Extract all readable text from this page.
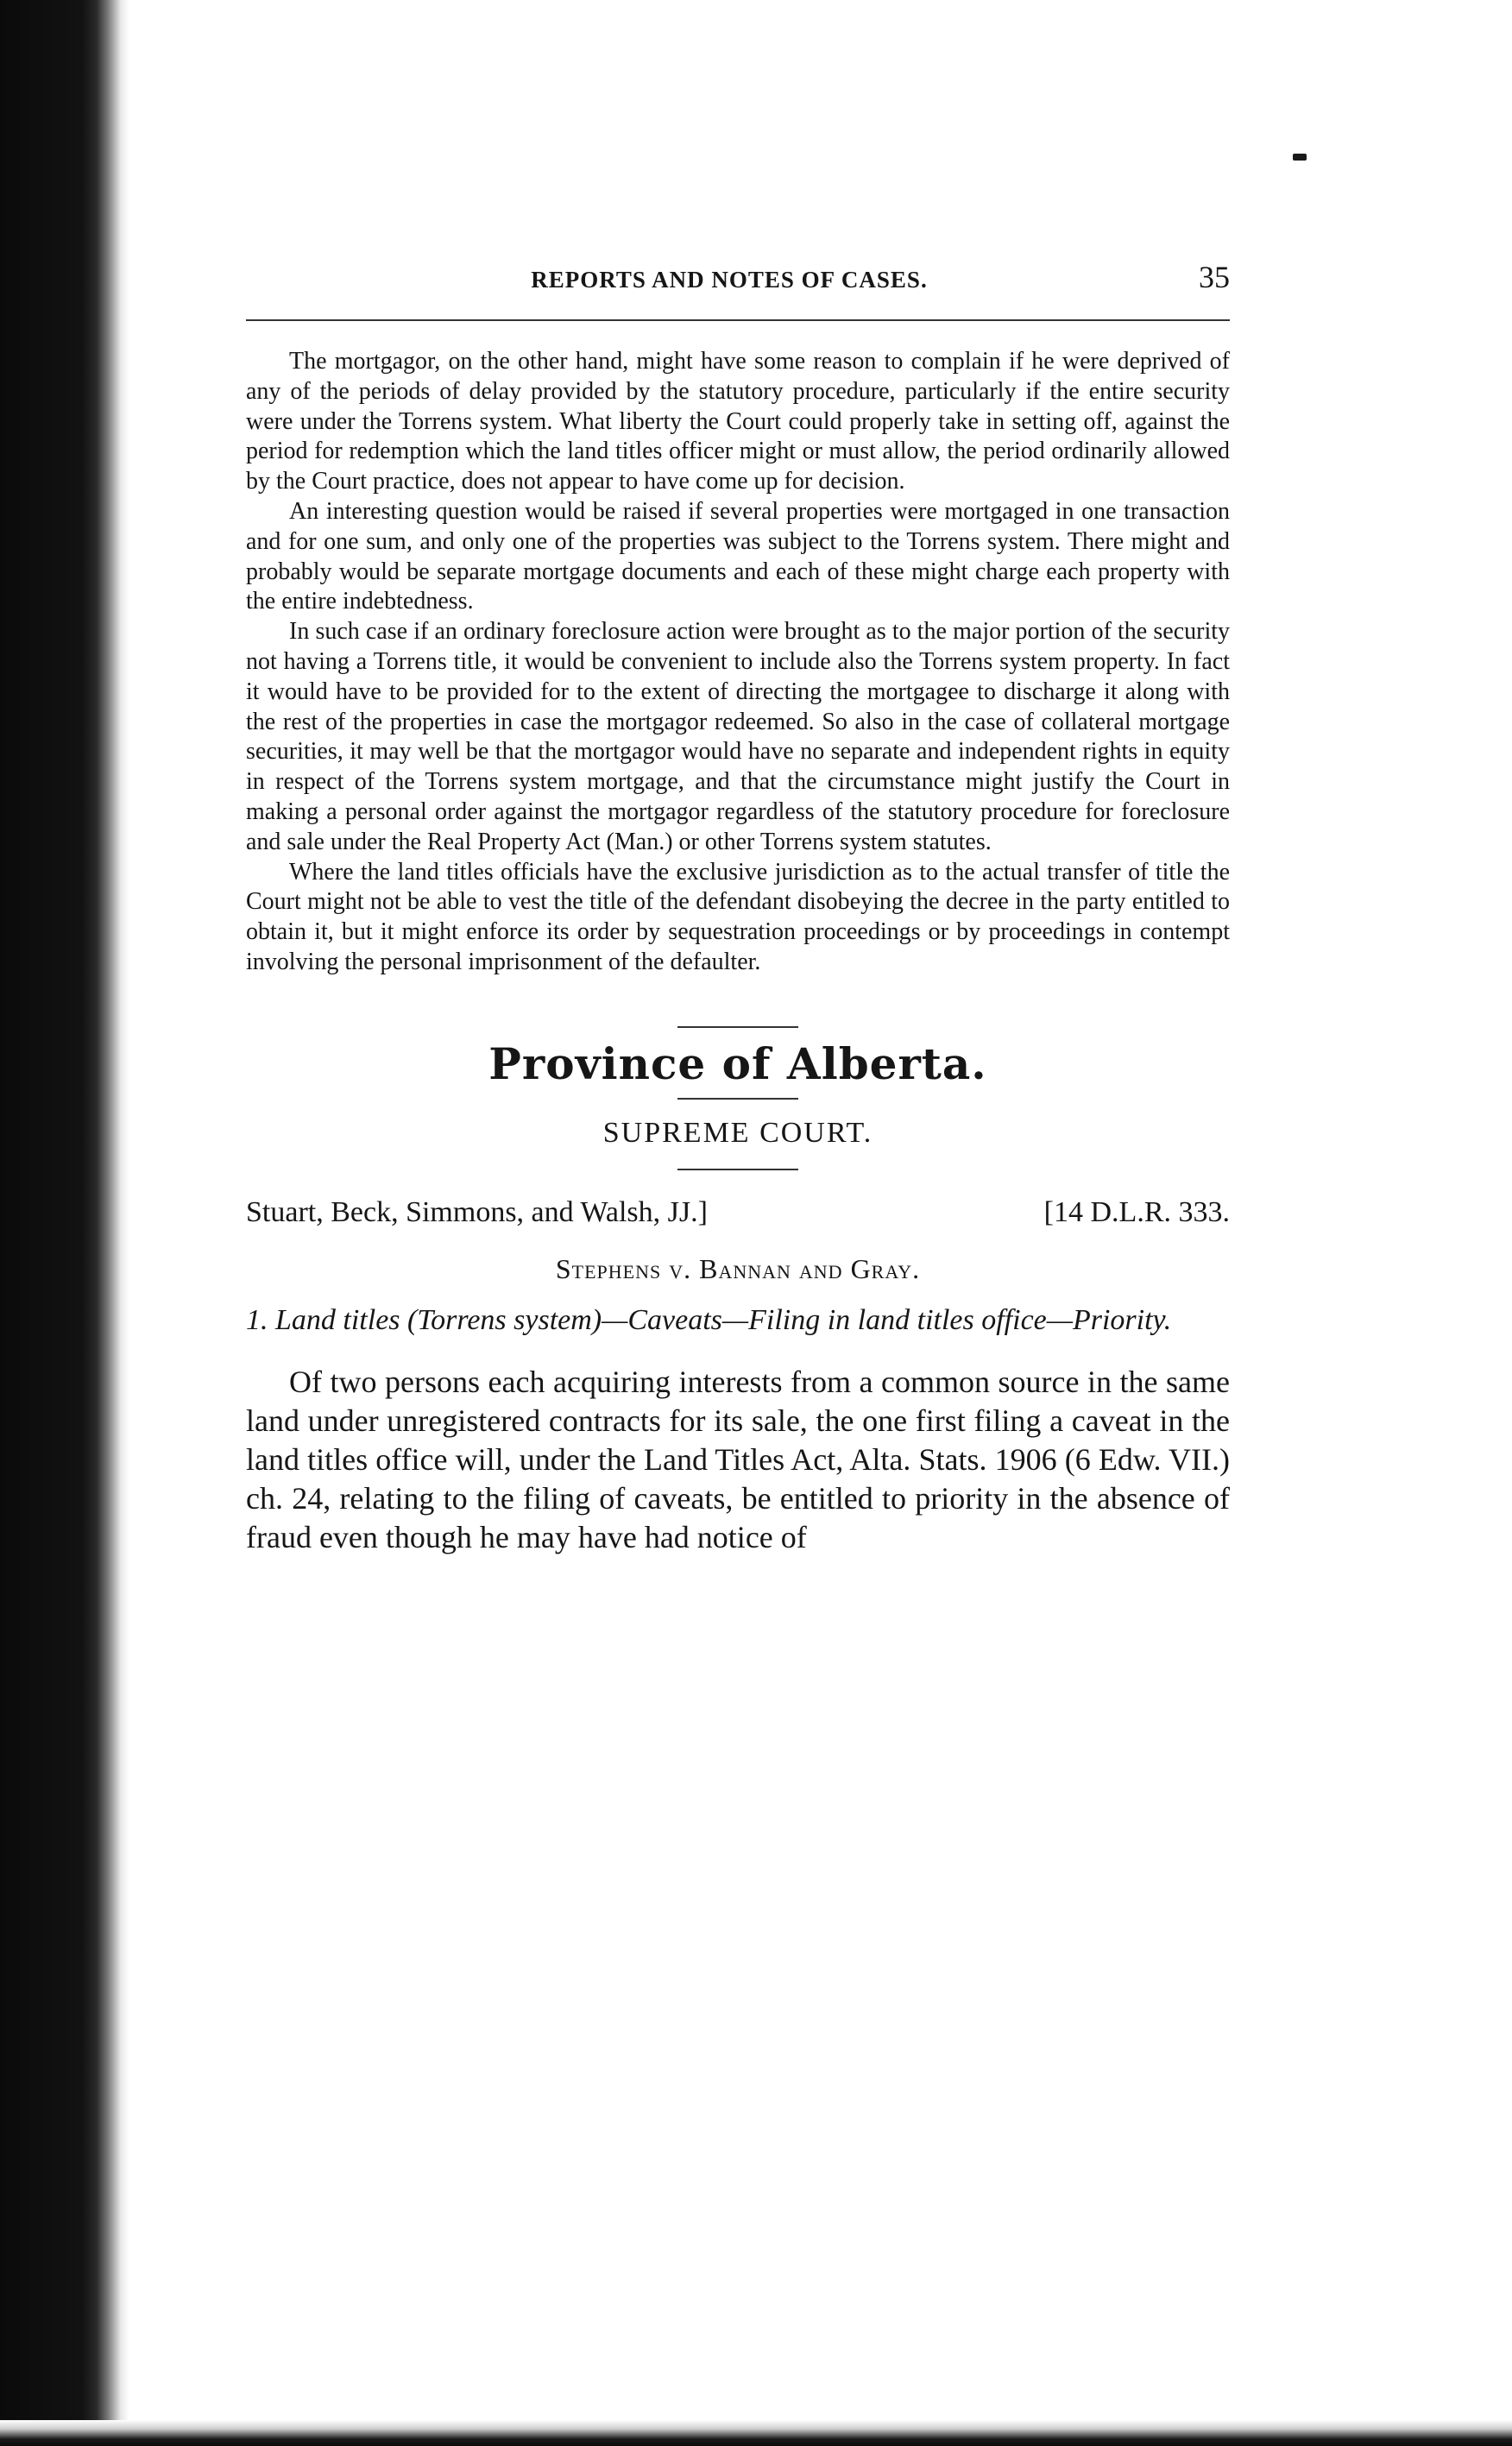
REPORTS AND NOTES OF CASES.	35

The mortgagor, on the other hand, might have some reason to complain if he were deprived of any of the periods of delay provided by the statutory procedure, particularly if the entire security were under the Torrens system. What liberty the Court could properly take in setting off, against the period for redemption which the land titles officer might or must allow, the period ordinarily allowed by the Court practice, does not appear to have come up for decision.

An interesting question would be raised if several properties were mortgaged in one transaction and for one sum, and only one of the properties was subject to the Torrens system. There might and probably would be separate mortgage documents and each of these might charge each property with the entire indebtedness.

In such case if an ordinary foreclosure action were brought as to the major portion of the security not having a Torrens title, it would be convenient to include also the Torrens system property. In fact it would have to be provided for to the extent of directing the mortgagee to discharge it along with the rest of the properties in case the mortgagor redeemed. So also in the case of collateral mortgage securities, it may well be that the mortgagor would have no separate and independent rights in equity in respect of the Torrens system mortgage, and that the circumstance might justify the Court in making a personal order against the mortgagor regardless of the statutory procedure for foreclosure and sale under the Real Property Act (Man.) or other Torrens system statutes.

Where the land titles officials have the exclusive jurisdiction as to the actual transfer of title the Court might not be able to vest the title of the defendant disobeying the decree in the party entitled to obtain it, but it might enforce its order by sequestration proceedings or by proceedings in contempt involving the personal imprisonment of the defaulter.

Province of Alberta.
SUPREME COURT.
Stuart, Beck, Simmons, and Walsh, JJ.]	[14 D.L.R. 333.
Stephens v. Bannan and Gray.
1. Land titles (Torrens system)—Caveats—Filing in land titles office—Priority.

Of two persons each acquiring interests from a common source in the same land under unregistered contracts for its sale, the one first filing a caveat in the land titles office will, under the Land Titles Act, Alta. Stats. 1906 (6 Edw. VII.) ch. 24, relating to the filing of caveats, be entitled to priority in the absence of fraud even though he may have had notice of
